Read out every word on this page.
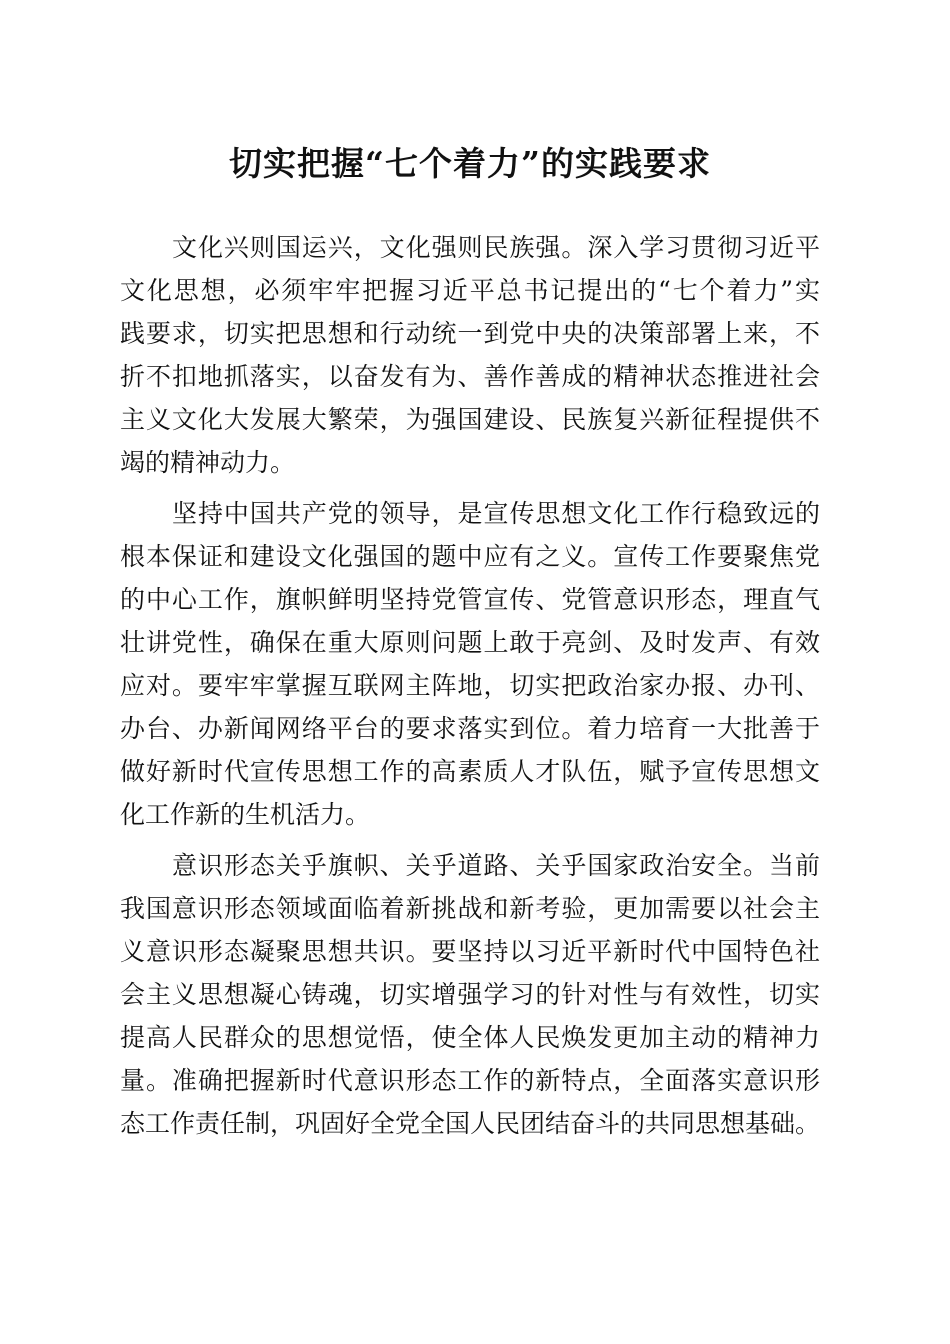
切实把握“七个着力”的实践要求
文化兴则国运兴，文化强则民族强。深入学习贯彻习近平
文化思想，必须牢牢把握习近平总书记提出的“七个着力”实
践要求，切实把思想和行动统一到党中央的决策部署上来，不
折不扣地抓落实，以奋发有为、善作善成的精神状态推进社会
主义文化大发展大繁荣，为强国建设、民族复兴新征程提供不
竭的精神动力。
坚持中国共产党的领导，是宣传思想文化工作行稳致远的
根本保证和建设文化强国的题中应有之义。宣传工作要聚焦党
的中心工作，旗帜鲜明坚持党管宣传、党管意识形态，理直气
壮讲党性，确保在重大原则问题上敢于亮剑、及时发声、有效
应对。要牢牢掌握互联网主阵地，切实把政治家办报、办刊、
办台、办新闻网络平台的要求落实到位。着力培育一大批善于
做好新时代宣传思想工作的高素质人才队伍，赋予宣传思想文
化工作新的生机活力。
意识形态关乎旗帜、关乎道路、关乎国家政治安全。当前
我国意识形态领域面临着新挑战和新考验，更加需要以社会主
义意识形态凝聚思想共识。要坚持以习近平新时代中国特色社
会主义思想凝心铸魂，切实增强学习的针对性与有效性，切实
提高人民群众的思想觉悟，使全体人民焕发更加主动的精神力
量。准确把握新时代意识形态工作的新特点，全面落实意识形
态工作责任制，巩固好全党全国人民团结奋斗的共同思想基础。
